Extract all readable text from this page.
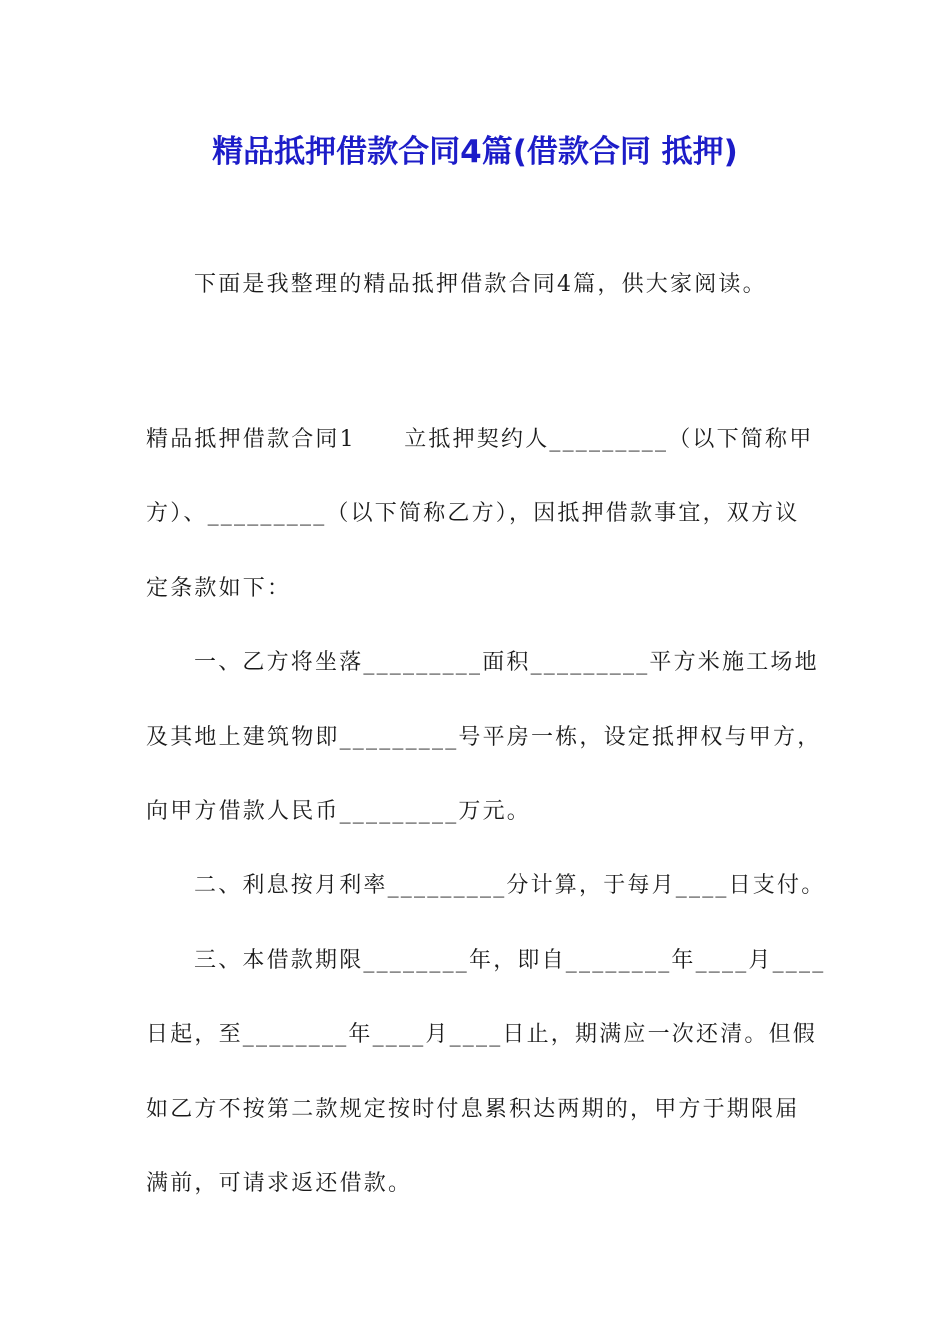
精品抵押借款合同4篇(借款合同 抵押)
下面是我整理的精品抵押借款合同4篇，供大家阅读。
精品抵押借款合同1　　立抵押契约人_________（以下简称甲
方）、_________（以下简称乙方），因抵押借款事宜，双方议
定条款如下：
一、乙方将坐落_________面积_________平方米施工场地
及其地上建筑物即_________号平房一栋，设定抵押权与甲方，
向甲方借款人民币_________万元。
二、利息按月利率_________分计算，于每月____日支付。
三、本借款期限________年，即自________年____月____
日起，至________年____月____日止，期满应一次还清。但假
如乙方不按第二款规定按时付息累积达两期的，甲方于期限届
满前，可请求返还借款。
